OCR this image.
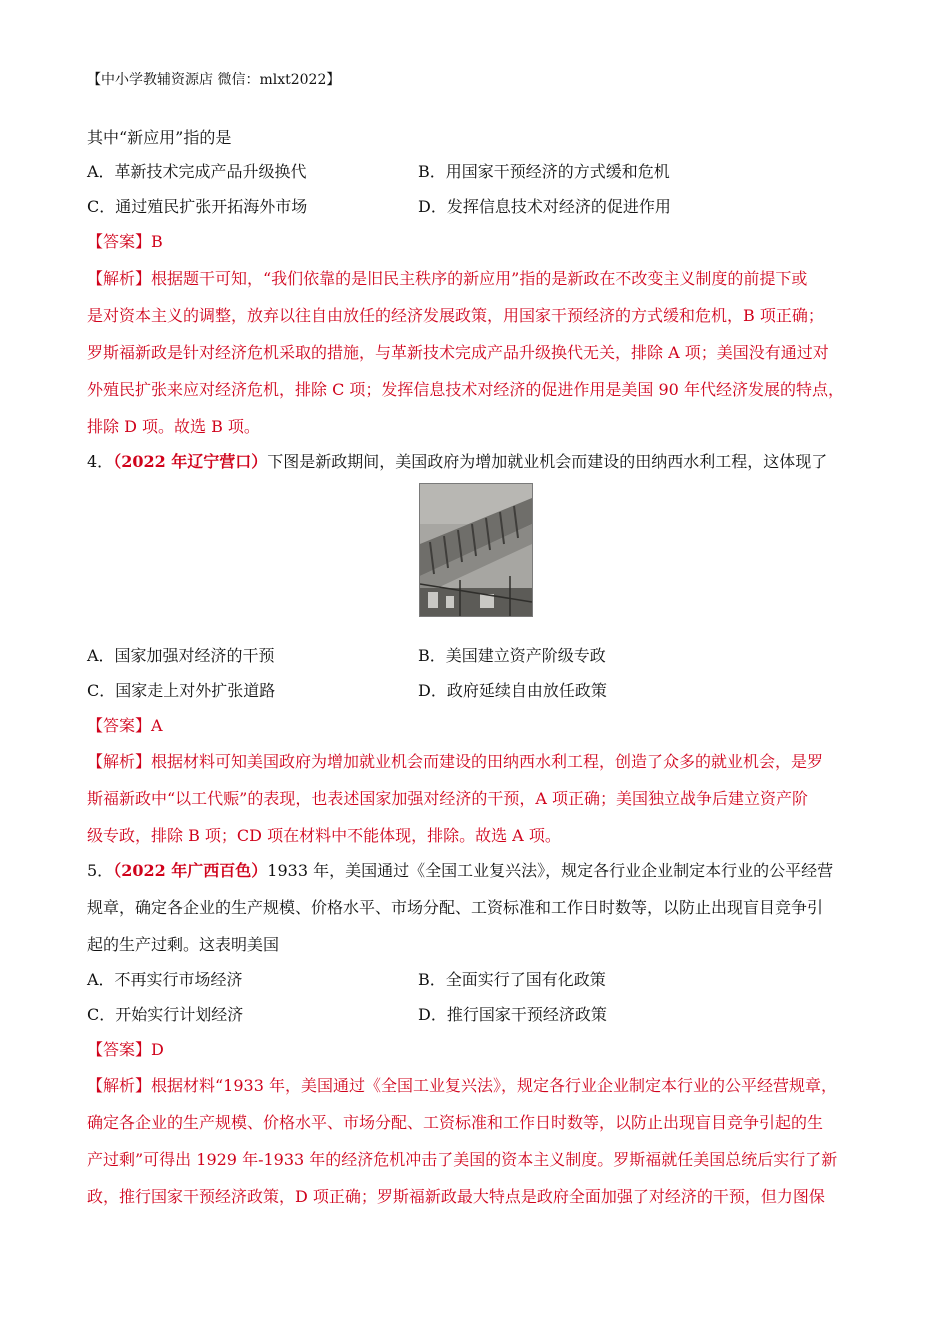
【中小学教辅资源店 微信：mlxt2022】
其中“新应用”指的是
A．革新技术完成产品升级换代	B．用国家干预经济的方式缓和危机
C．通过殖民扩张开拓海外市场	D．发挥信息技术对经济的促进作用
【答案】B
【解析】根据题干可知，“我们依靠的是旧民主秩序的新应用”指的是新政在不改变主义制度的前提下或
是对资本主义的调整，放弃以往自由放任的经济发展政策，用国家干预经济的方式缓和危机，B 项正确；
罗斯福新政是针对经济危机采取的措施，与革新技术完成产品升级换代无关，排除 A 项；美国没有通过对
外殖民扩张来应对经济危机，排除 C 项；发挥信息技术对经济的促进作用是美国 90 年代经济发展的特点，
排除 D 项。故选 B 项。
4．（2022 年辽宁营口）下图是新政期间，美国政府为增加就业机会而建设的田纳西水利工程，这体现了
A．国家加强对经济的干预	B．美国建立资产阶级专政
C．国家走上对外扩张道路	D．政府延续自由放任政策
【答案】A
【解析】根据材料可知美国政府为增加就业机会而建设的田纳西水利工程，创造了众多的就业机会，是罗
斯福新政中“以工代赈”的表现，也表述国家加强对经济的干预，A 项正确；美国独立战争后建立资产阶
级专政，排除 B 项；CD 项在材料中不能体现，排除。故选 A 项。
5．（2022 年广西百色）1933 年，美国通过《全国工业复兴法》，规定各行业企业制定本行业的公平经营
规章，确定各企业的生产规模、价格水平、市场分配、工资标准和工作日时数等，以防止出现盲目竞争引
起的生产过剩。这表明美国
A．不再实行市场经济	B．全面实行了国有化政策
C．开始实行计划经济	D．推行国家干预经济政策
【答案】D
【解析】根据材料“1933 年，美国通过《全国工业复兴法》，规定各行业企业制定本行业的公平经营规章，
确定各企业的生产规模、价格水平、市场分配、工资标准和工作日时数等，以防止出现盲目竞争引起的生
产过剩”可得出 1929 年-1933 年的经济危机冲击了美国的资本主义制度。罗斯福就任美国总统后实行了新
政，推行国家干预经济政策，D 项正确；罗斯福新政最大特点是政府全面加强了对经济的干预，但力图保
